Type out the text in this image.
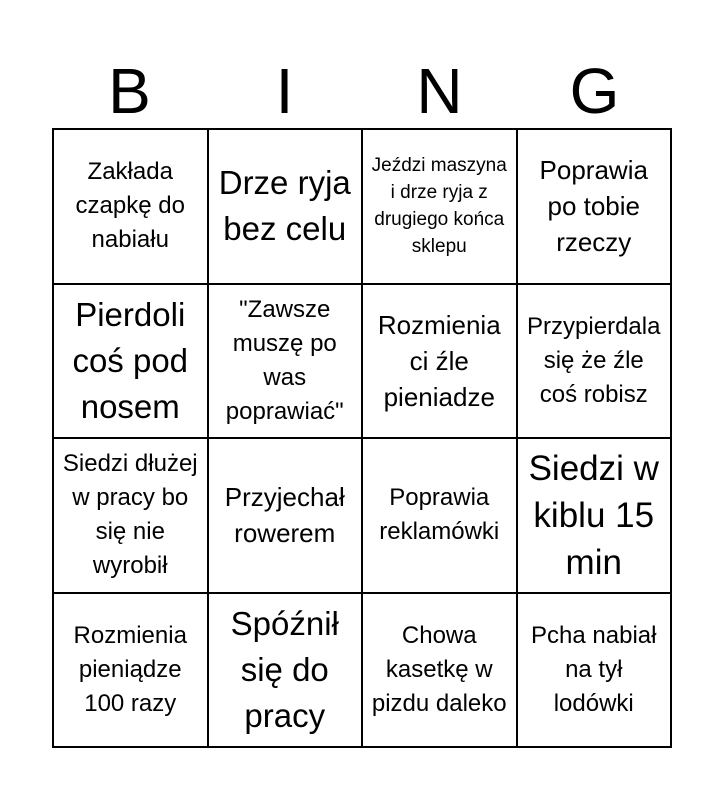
B	I	N	G
Zakłada czapkę do nabiału
Drze ryja bez celu
Jeździ maszyna i drze ryja z drugiego końca sklepu
Poprawia po tobie rzeczy
Pierdoli coś pod nosem
"Zawsze muszę po was poprawiać"
Rozmienia ci źle pieniadze
Przypierdala się że źle coś robisz
Siedzi dłużej w pracy bo się nie wyrobił
Przyjechał rowerem
Poprawia reklamówki
Siedzi w kiblu 15 min
Rozmienia pieniądze 100 razy
Spóźnił się do pracy
Chowa kasetkę w pizdu daleko
Pcha nabiał na tył lodówki
